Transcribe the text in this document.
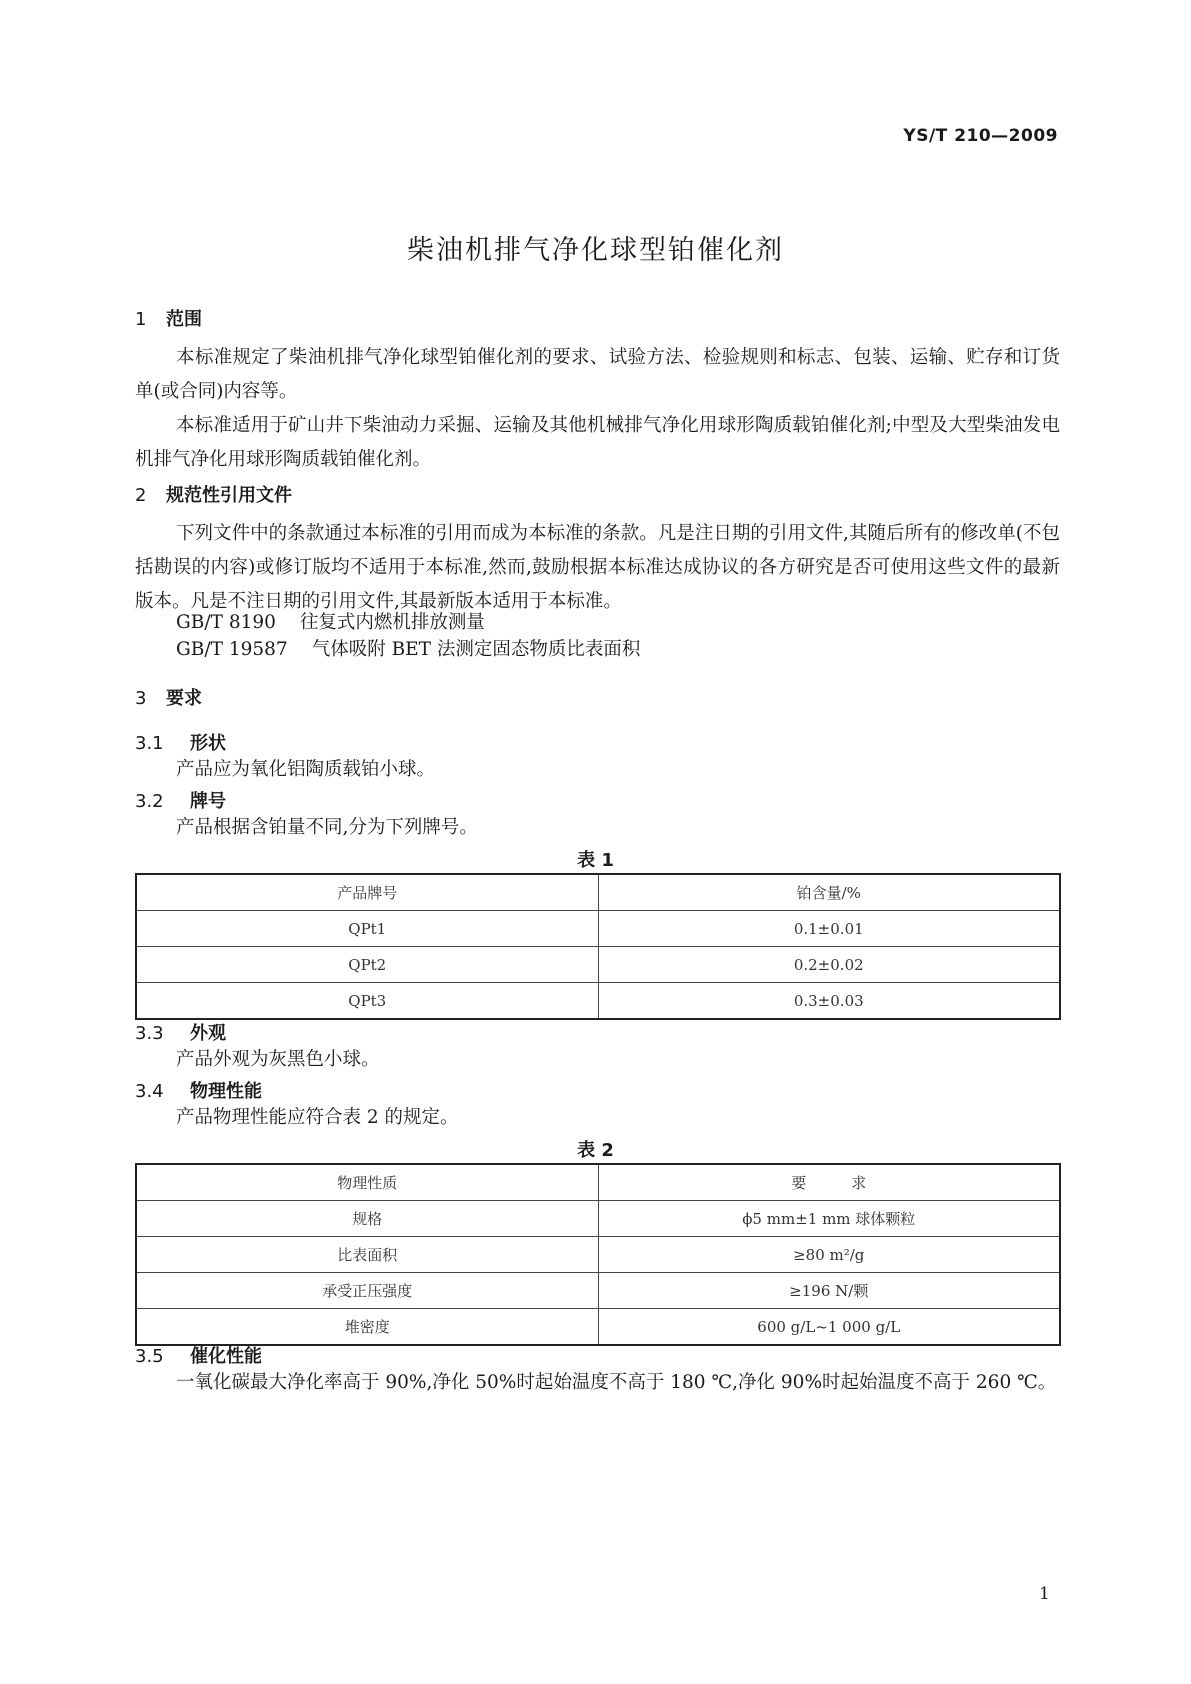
YS/T 210—2009
柴油机排气净化球型铂催化剂
1 范围

本标准规定了柴油机排气净化球型铂催化剂的要求、试验方法、检验规则和标志、包装、运输、贮存和订货单(或合同)内容等。

本标准适用于矿山井下柴油动力采掘、运输及其他机械排气净化用球形陶质载铂催化剂;中型及大型柴油发电机排气净化用球形陶质载铂催化剂。

2 规范性引用文件

下列文件中的条款通过本标准的引用而成为本标准的条款。凡是注日期的引用文件,其随后所有的修改单(不包括勘误的内容)或修订版均不适用于本标准,然而,鼓励根据本标准达成协议的各方研究是否可使用这些文件的最新版本。凡是不注日期的引用文件,其最新版本适用于本标准。

GB/T 8190 往复式内燃机排放测量
GB/T 19587 气体吸附 BET 法测定固态物质比表面积
3 要求
3.1 形状
产品应为氧化铝陶质载铂小球。
3.2 牌号
产品根据含铂量不同,分为下列牌号。
表 1
产品牌号	铂含量/%
QPt1	0.1±0.01
QPt2	0.2±0.02
QPt3	0.3±0.03
3.3 外观
产品外观为灰黑色小球。
3.4 物理性能
产品物理性能应符合表 2 的规定。
表 2
物理性质	要　　　求
规格	ϕ5 mm±1 mm 球体颗粒
比表面积	≥80 m²/g
承受正压强度	≥196 N/颗
堆密度	600 g/L~1 000 g/L
3.5 催化性能

一氧化碳最大净化率高于 90%,净化 50%时起始温度不高于 180 ℃,净化 90%时起始温度不高于 260 ℃。

1
